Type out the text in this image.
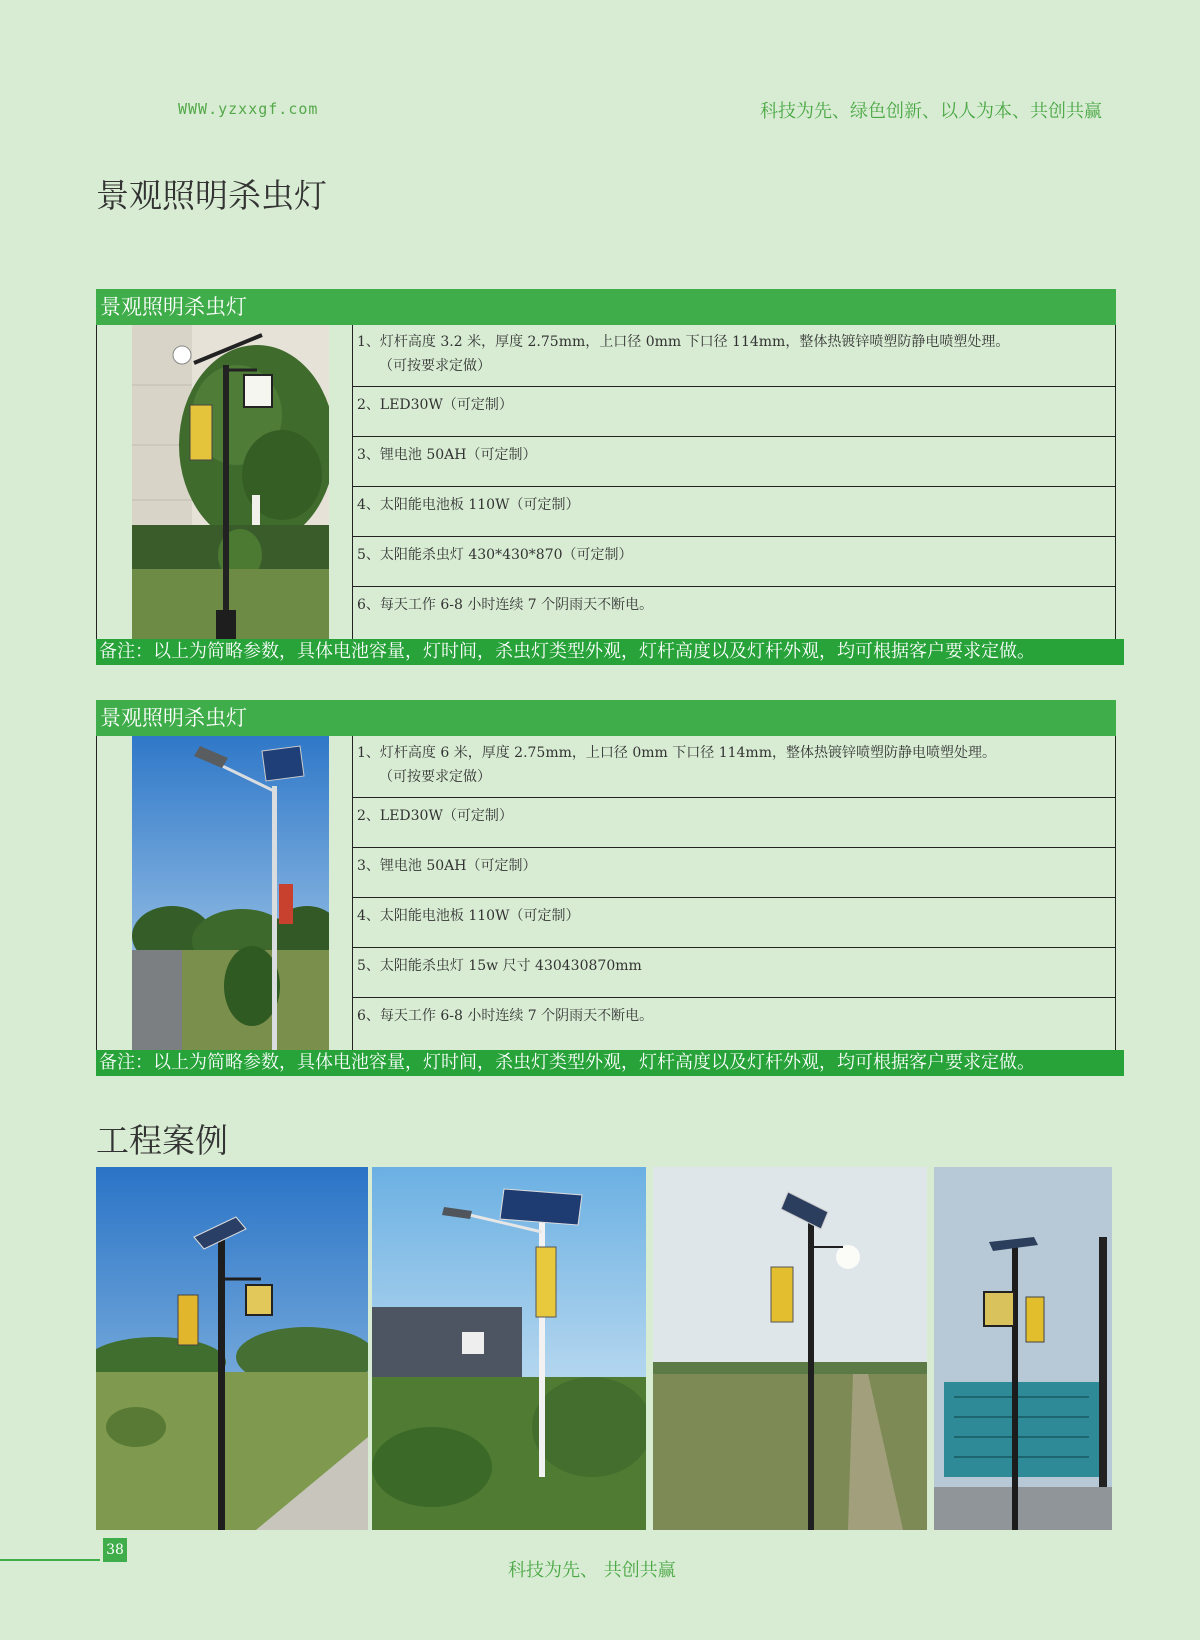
WWW.yzxxgf.com	科技为先、绿色创新、以人为本、共创共赢
景观照明杀虫灯
景观照明杀虫灯
1、灯杆高度 3.2 米，厚度 2.75mm，上口径 0mm 下口径 114mm，整体热镀锌喷塑防静电喷塑处理。
（可按要求定做）
2、LED30W（可定制）
3、锂电池 50AH（可定制）
4、太阳能电池板 110W（可定制）
5、太阳能杀虫灯 430*430*870（可定制）
6、每天工作 6-8 小时连续 7 个阴雨天不断电。
备注：以上为简略参数，具体电池容量，灯时间，杀虫灯类型外观，灯杆高度以及灯杆外观，均可根据客户要求定做。
景观照明杀虫灯
1、灯杆高度 6 米，厚度 2.75mm，上口径 0mm 下口径 114mm，整体热镀锌喷塑防静电喷塑处理。
（可按要求定做）
2、LED30W（可定制）
3、锂电池 50AH（可定制）
4、太阳能电池板 110W（可定制）
5、太阳能杀虫灯 15w 尺寸 430430870mm
6、每天工作 6-8 小时连续 7 个阴雨天不断电。
备注：以上为简略参数，具体电池容量，灯时间，杀虫灯类型外观，灯杆高度以及灯杆外观，均可根据客户要求定做。
工程案例
38
科技为先、 共创共赢
